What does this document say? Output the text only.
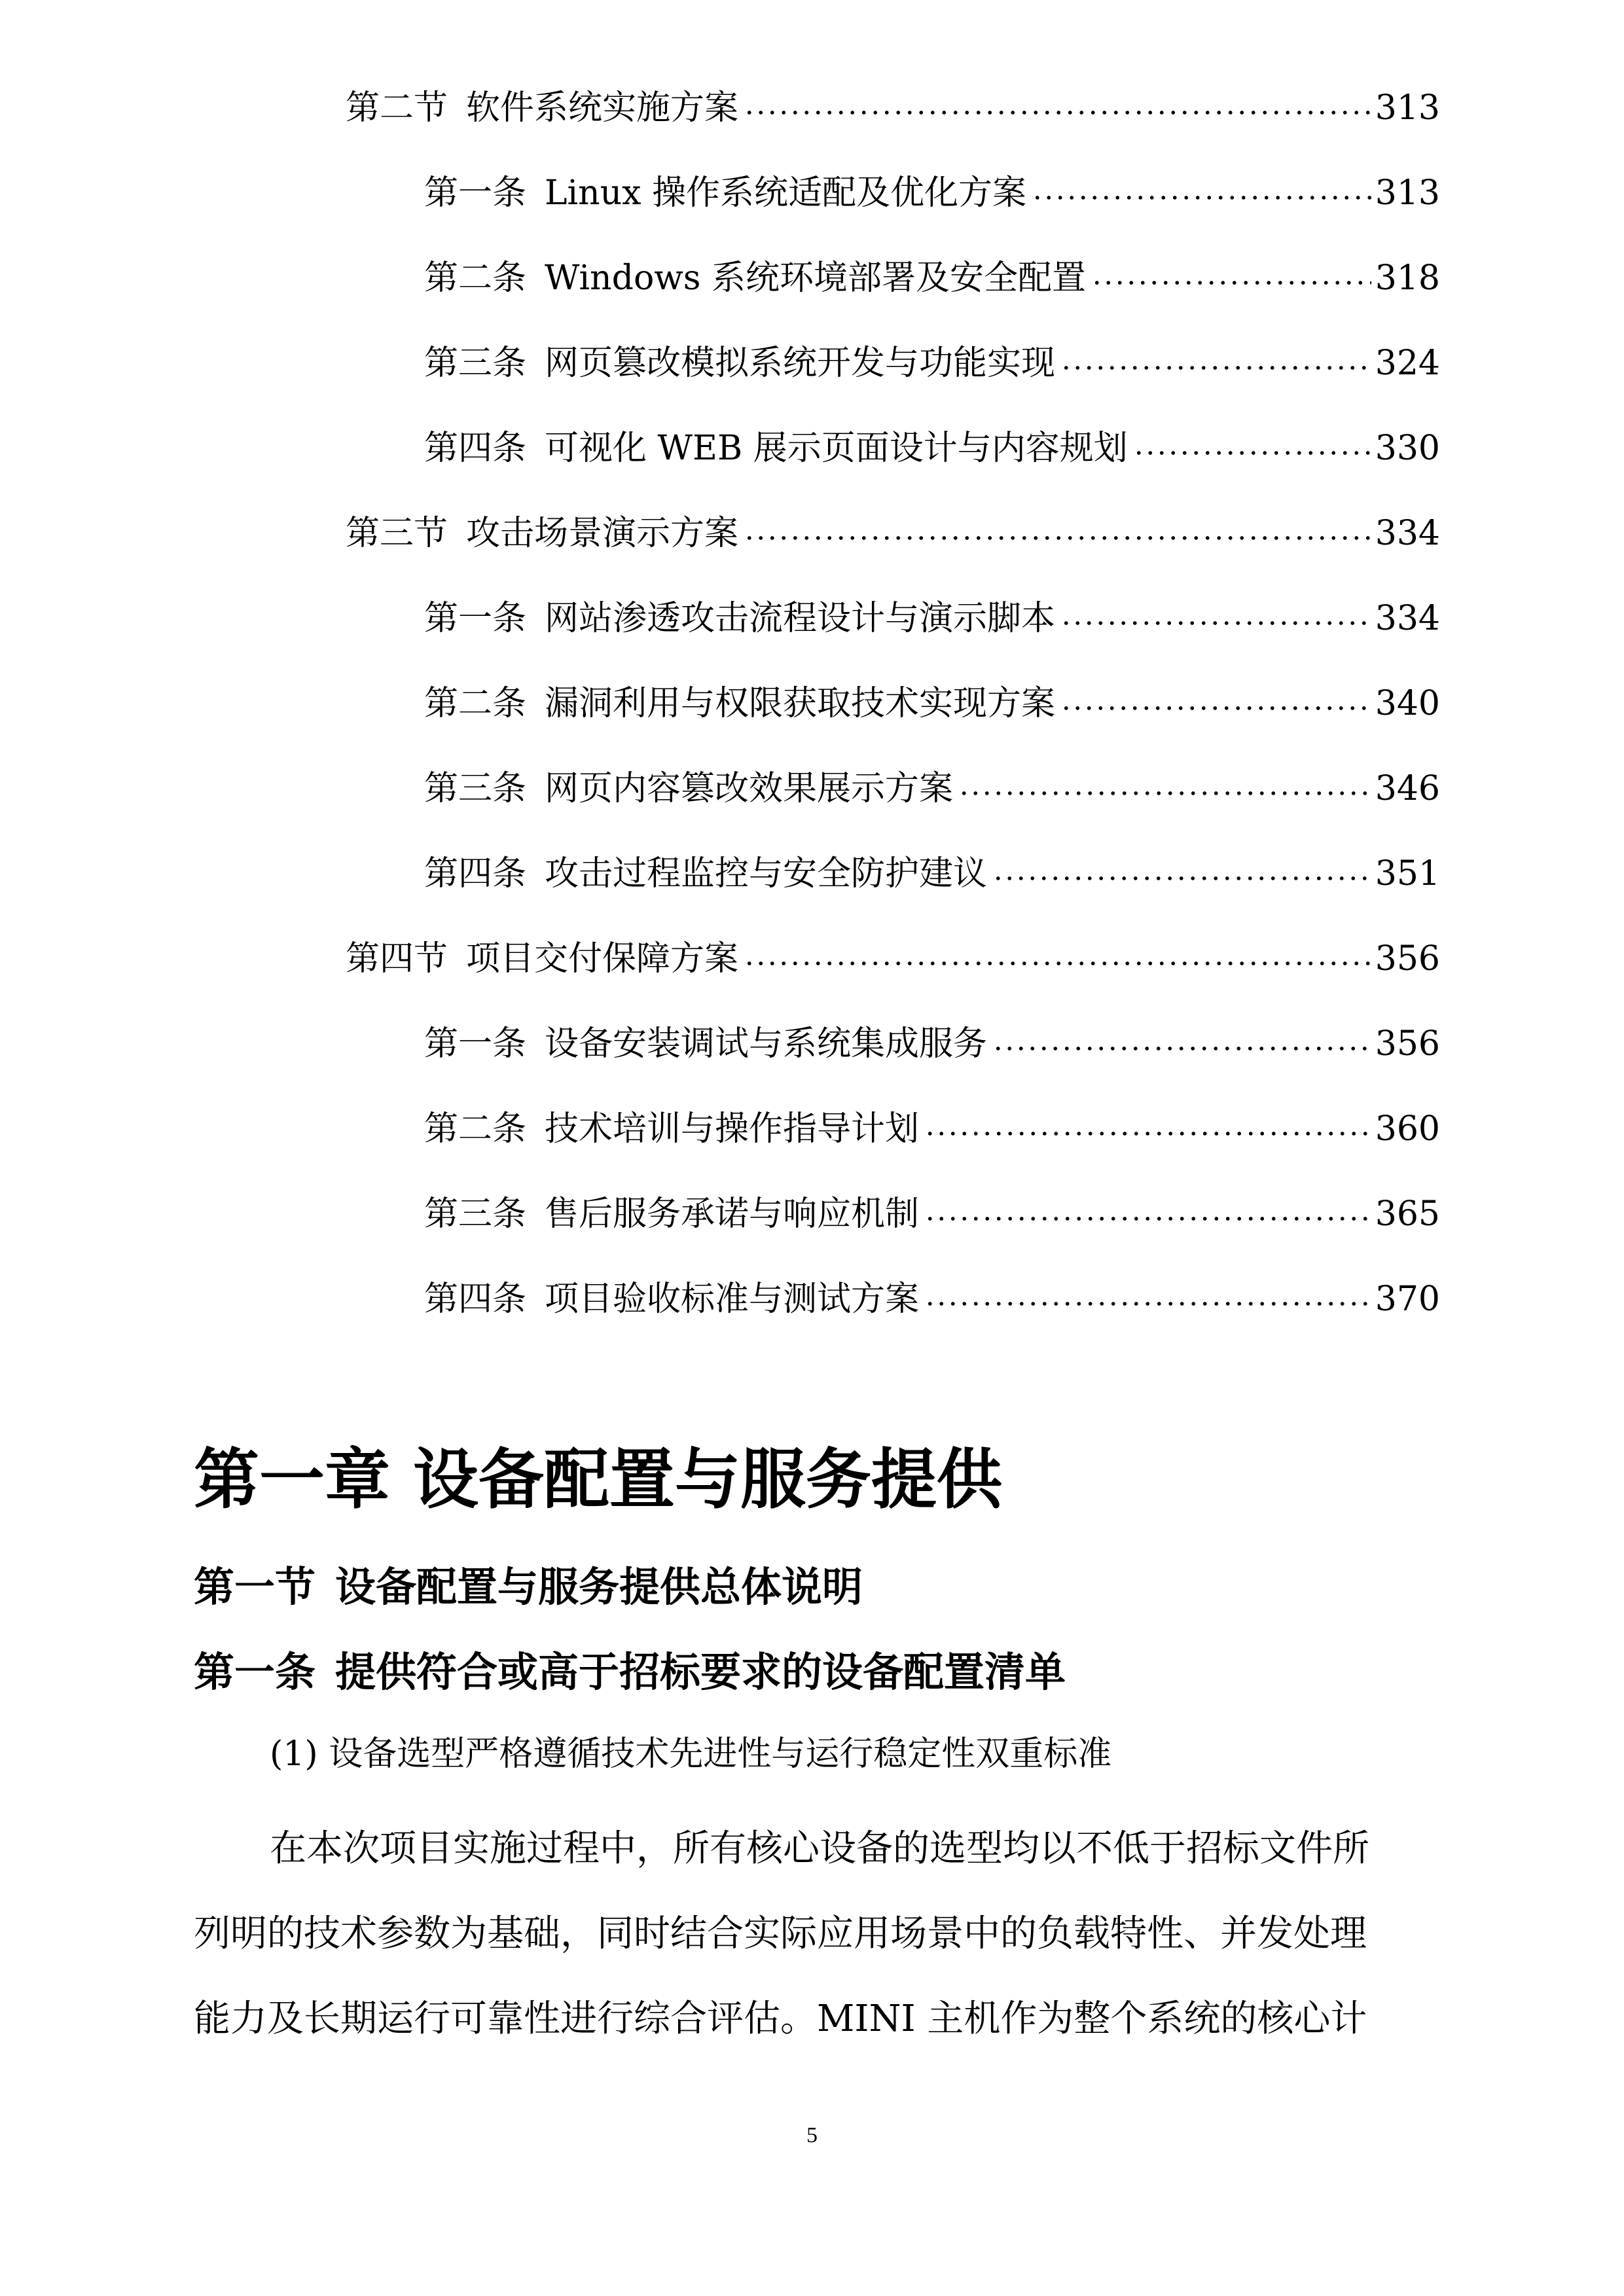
第二节 软件系统实施方案	313
第一条 Linux 操作系统适配及优化方案	313
第二条 Windows 系统环境部署及安全配置	318
第三条 网页篡改模拟系统开发与功能实现	324
第四条 可视化 WEB 展示页面设计与内容规划	330
第三节 攻击场景演示方案	334
第一条 网站渗透攻击流程设计与演示脚本	334
第二条 漏洞利用与权限获取技术实现方案	340
第三条 网页内容篡改效果展示方案	346
第四条 攻击过程监控与安全防护建议	351
第四节 项目交付保障方案	356
第一条 设备安装调试与系统集成服务	356
第二条 技术培训与操作指导计划	360
第三条 售后服务承诺与响应机制	365
第四条 项目验收标准与测试方案	370
第一章 设备配置与服务提供
第一节 设备配置与服务提供总体说明
第一条 提供符合或高于招标要求的设备配置清单
(1) 设备选型严格遵循技术先进性与运行稳定性双重标准
在本次项目实施过程中，所有核心设备的选型均以不低于招标文件所
列明的技术参数为基础，同时结合实际应用场景中的负载特性、并发处理
能力及长期运行可靠性进行综合评估。MINI 主机作为整个系统的核心计
5
